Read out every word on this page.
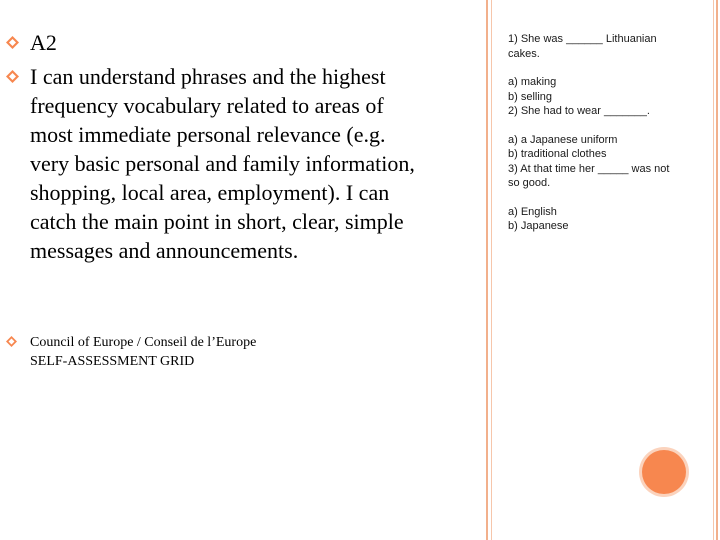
A2
I can understand phrases and the highest frequency vocabulary related to areas of most immediate personal relevance (e.g. very basic personal and family information, shopping, local area, employment). I can catch the main point in short, clear, simple messages and announcements.
Council of Europe / Conseil de l’Europe
SELF-ASSESSMENT GRID
1) She was ______ Lithuanian
cakes.
a) making
b) selling
2) She had to wear _______.
a) a Japanese uniform
b) traditional clothes
3) At that time her _____ was not
so good.
a) English
b) Japanese
